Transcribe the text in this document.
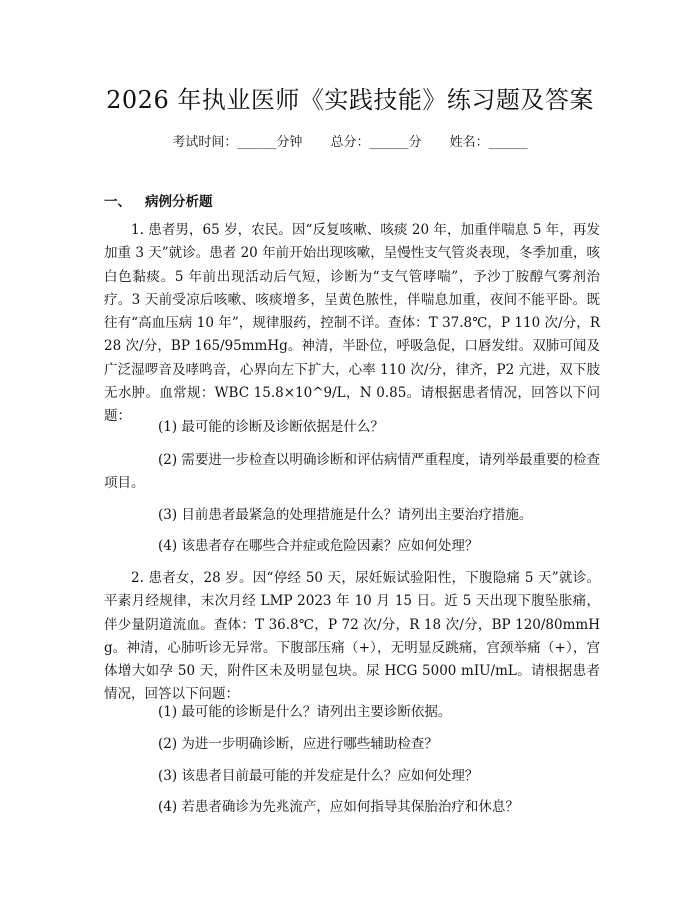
2026 年执业医师《实践技能》练习题及答案
考试时间：______分钟 总分：______分 姓名：______
一、 病例分析题

1. 患者男，65 岁，农民。因“反复咳嗽、咳痰 20 年，加重伴喘息 5 年，再发加重 3 天”就诊。患者 20 年前开始出现咳嗽，呈慢性支气管炎表现，冬季加重，咳白色黏痰。5 年前出现活动后气短，诊断为“支气管哮喘”，予沙丁胺醇气雾剂治疗。3 天前受凉后咳嗽、咳痰增多，呈黄色脓性，伴喘息加重，夜间不能平卧。既往有“高血压病 10 年”，规律服药，控制不详。查体：T 37.8℃，P 110 次/分，R 28 次/分，BP 165/95mmHg。神清，半卧位，呼吸急促，口唇发绀。双肺可闻及广泛湿啰音及哮鸣音，心界向左下扩大，心率 110 次/分，律齐，P2 亢进，双下肢无水肿。血常规：WBC 15.8×10^9/L，N 0.85。请根据患者情况，回答以下问题：

(1) 最可能的诊断及诊断依据是什么？

(2) 需要进一步检查以明确诊断和评估病情严重程度，请列举最重要的检查项目。

(3) 目前患者最紧急的处理措施是什么？请列出主要治疗措施。

(4) 该患者存在哪些合并症或危险因素？应如何处理？

2. 患者女，28 岁。因“停经 50 天，尿妊娠试验阳性，下腹隐痛 5 天”就诊。平素月经规律，末次月经 LMP 2023 年 10 月 15 日。近 5 天出现下腹坠胀痛，伴少量阴道流血。查体：T 36.8℃，P 72 次/分，R 18 次/分，BP 120/80mmHg。神清，心肺听诊无异常。下腹部压痛（+），无明显反跳痛，宫颈举痛（+），宫体增大如孕 50 天，附件区未及明显包块。尿 HCG 5000 mIU/mL。请根据患者情况，回答以下问题：

(1) 最可能的诊断是什么？请列出主要诊断依据。

(2) 为进一步明确诊断，应进行哪些辅助检查？

(3) 该患者目前最可能的并发症是什么？应如何处理？

(4) 若患者确诊为先兆流产，应如何指导其保胎治疗和休息？
